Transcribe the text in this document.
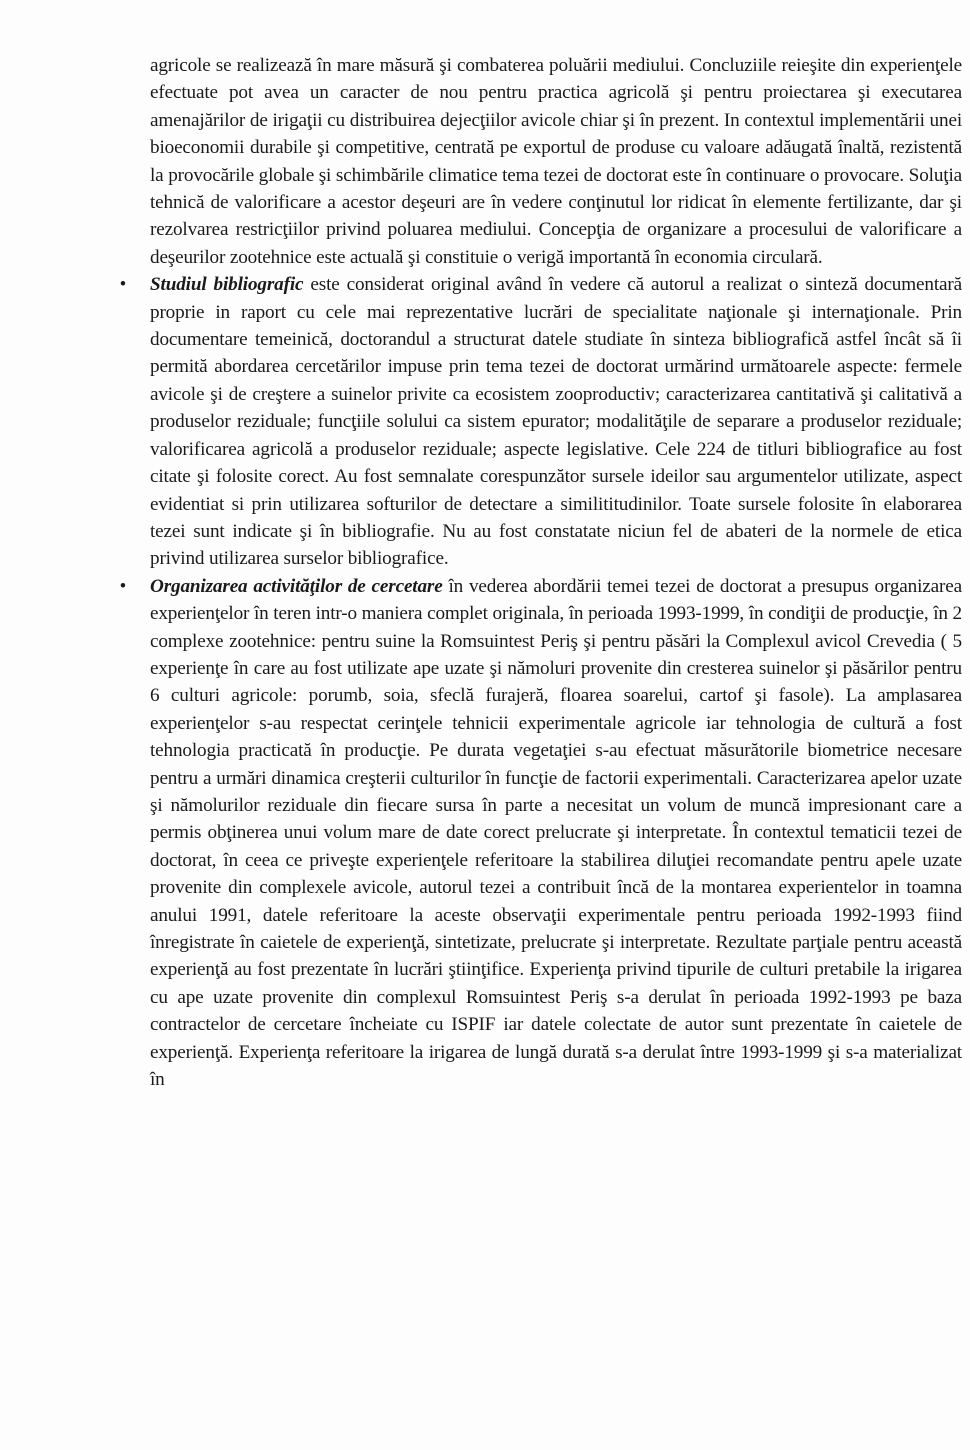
agricole se realizează în mare măsură şi combaterea poluării mediului. Concluziile reieşite din experienţele efectuate pot avea un caracter de nou pentru practica agricolă şi pentru proiectarea şi executarea amenajărilor de irigaţii cu distribuirea dejecţiilor avicole chiar şi în prezent. In contextul implementării unei bioeconomii durabile şi competitive, centrată pe exportul de produse cu valoare adăugată înaltă, rezistentă la provocările globale şi schimbările climatice tema tezei de doctorat este în continuare o provocare. Soluţia tehnică de valorificare a acestor deşeuri are în vedere conţinutul lor ridicat în elemente fertilizante, dar şi rezolvarea restricţiilor privind poluarea mediului. Concepţia de organizare a procesului de valorificare a deşeurilor zootehnice este actuală şi constituie o verigă importantă în economia circulară.

• Studiul bibliografic este considerat original având în vedere că autorul a realizat o sinteză documentară proprie in raport cu cele mai reprezentative lucrări de specialitate naţionale şi internaţionale. Prin documentare temeinică, doctorandul a structurat datele studiate în sinteza bibliografică astfel încât să îi permită abordarea cercetărilor impuse prin tema tezei de doctorat urmărind următoarele aspecte: fermele avicole şi de creştere a suinelor privite ca ecosistem zooproductiv; caracterizarea cantitativă şi calitativă a produselor reziduale; funcţiile solului ca sistem epurator; modalităţile de separare a produselor reziduale; valorificarea agricolă a produselor reziduale; aspecte legislative. Cele 224 de titluri bibliografice au fost citate şi folosite corect. Au fost semnalate corespunzător sursele ideilor sau argumentelor utilizate, aspect evidentiat si prin utilizarea softurilor de detectare a similititudinilor. Toate sursele folosite în elaborarea tezei sunt indicate şi în bibliografie. Nu au fost constatate niciun fel de abateri de la normele de etica privind utilizarea surselor bibliografice.

• Organizarea activităţilor de cercetare în vederea abordării temei tezei de doctorat a presupus organizarea experienţelor în teren intr-o maniera complet originala, în perioada 1993-1999, în condiţii de producţie, în 2 complexe zootehnice: pentru suine la Romsuintest Periş şi pentru păsări la Complexul avicol Crevedia ( 5 experienţe în care au fost utilizate ape uzate şi nămoluri provenite din cresterea suinelor şi păsărilor pentru 6 culturi agricole: porumb, soia, sfeclă furajeră, floarea soarelui, cartof şi fasole). La amplasarea experienţelor s-au respectat cerinţele tehnicii experimentale agricole iar tehnologia de cultură a fost tehnologia practicată în producţie. Pe durata vegetaţiei s-au efectuat măsurătorile biometrice necesare pentru a urmări dinamica creşterii culturilor în funcţie de factorii experimentali. Caracterizarea apelor uzate şi nămolurilor reziduale din fiecare sursa în parte a necesitat un volum de muncă impresionant care a permis obţinerea unui volum mare de date corect prelucrate şi interpretate. În contextul tematicii tezei de doctorat, în ceea ce priveşte experienţele referitoare la stabilirea diluţiei recomandate pentru apele uzate provenite din complexele avicole, autorul tezei a contribuit încă de la montarea experientelor in toamna anului 1991, datele referitoare la aceste observaţii experimentale pentru perioada 1992-1993 fiind înregistrate în caietele de experienţă, sintetizate, prelucrate şi interpretate. Rezultate parţiale pentru această experienţă au fost prezentate în lucrări ştiinţifice. Experienţa privind tipurile de culturi pretabile la irigarea cu ape uzate provenite din complexul Romsuintest Periş s-a derulat în perioada 1992-1993 pe baza contractelor de cercetare încheiate cu ISPIF iar datele colectate de autor sunt prezentate în caietele de experienţă. Experienţa referitoare la irigarea de lungă durată s-a derulat între 1993-1999 şi s-a materializat în
